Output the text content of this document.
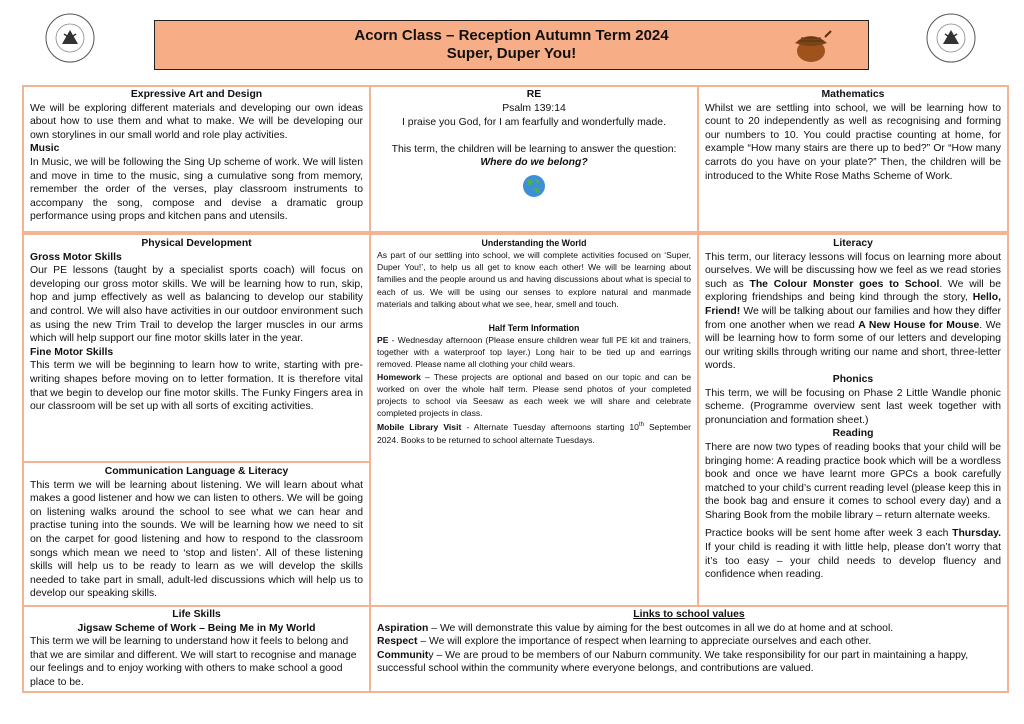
Acorn Class – Reception Autumn Term 2024
Super, Duper You!

Expressive Art and Design

We will be exploring different materials and developing our own ideas about how to use them and what to make. We will be developing our own storylines in our small world and role play activities.

Music

In Music, we will be following the Sing Up scheme of work. We will listen and move in time to the music, sing a cumulative song from memory, remember the order of the verses, play classroom instruments to accompany the song, compose and devise a dramatic group performance using props and kitchen pans and utensils.

RE

Psalm 139:14

I praise you God, for I am fearfully and wonderfully made.

This term, the children will be learning to answer the question:

Where do we belong?

Mathematics

Whilst we are settling into school, we will be learning how to count to 20 independently as well as recognising and forming our numbers to 10. You could practise counting at home, for example “How many stairs are there up to bed?” Or “How many carrots do you have on your plate?” Then, the children will be introduced to the White Rose Maths Scheme of Work.

Physical Development

Gross Motor Skills

Our PE lessons (taught by a specialist sports coach) will focus on developing our gross motor skills. We will be learning how to run, skip, hop and jump effectively as well as balancing to develop our stability and control. We will also have activities in our outdoor environment such as using the new Trim Trail to develop the larger muscles in our arms which will help support our fine motor skills later in the year.

Fine Motor Skills

This term we will be beginning to learn how to write, starting with pre-writing shapes before moving on to letter formation. It is therefore vital that we begin to develop our fine motor skills. The Funky Fingers area in our classroom will be set up with all sorts of exciting activities.

Communication Language & Literacy

This term we will be learning about listening. We will learn about what makes a good listener and how we can listen to others. We will be going on listening walks around the school to see what we can hear and practise tuning into the sounds. We will be learning how we need to sit on the carpet for good listening and how to respond to the classroom songs which mean we need to ‘stop and listen’. All of these listening skills will help us to be ready to learn as we will develop the skills needed to take part in small, adult-led discussions which will help us to develop our speaking skills.

Understanding the World

As part of our settling into school, we will complete activities focused on ‘Super, Duper You!’, to help us all get to know each other! We will be learning about families and the people around us and having discussions about what is special to each of us. We will be using our senses to explore natural and manmade materials and talking about what we see, hear, smell and touch.

Half Term Information

PE - Wednesday afternoon (Please ensure children wear full PE kit and trainers, together with a waterproof top layer.) Long hair to be tied up and earrings removed. Please name all clothing your child wears.

Homework – These projects are optional and based on our topic and can be worked on over the whole half term. Please send photos of your completed projects to school via Seesaw as each week we will share and celebrate completed projects in class.

Mobile Library Visit - Alternate Tuesday afternoons starting 10th September 2024. Books to be returned to school alternate Tuesdays.

Literacy

This term, our literacy lessons will focus on learning more about ourselves. We will be discussing how we feel as we read stories such as The Colour Monster goes to School. We will be exploring friendships and being kind through the story, Hello, Friend! We will be talking about our families and how they differ from one another when we read A New House for Mouse. We will be learning how to form some of our letters and developing our writing skills through writing our name and short, three-letter words.

Phonics

This term, we will be focusing on Phase 2 Little Wandle phonic scheme. (Programme overview sent last week together with pronunciation and formation sheet.)

Reading

There are now two types of reading books that your child will be bringing home: A reading practice book which will be a wordless book and once we have learnt more GPCs a book carefully matched to your child’s current reading level (please keep this in the book bag and ensure it comes to school every day) and a Sharing Book from the mobile library – return alternate weeks.

Practice books will be sent home after week 3 each Thursday. If your child is reading it with little help, please don’t worry that it’s too easy – your child needs to develop fluency and confidence when reading.

Life Skills

Jigsaw Scheme of Work – Being Me in My World

This term we will be learning to understand how it feels to belong and that we are similar and different. We will start to recognise and manage our feelings and to enjoy working with others to make school a good place to be.

Links to school values

Aspiration – We will demonstrate this value by aiming for the best outcomes in all we do at home and at school.

Respect – We will explore the importance of respect when learning to appreciate ourselves and each other.

Community – We are proud to be members of our Naburn community. We take responsibility for our part in maintaining a happy, successful school within the community where everyone belongs, and contributions are valued.
